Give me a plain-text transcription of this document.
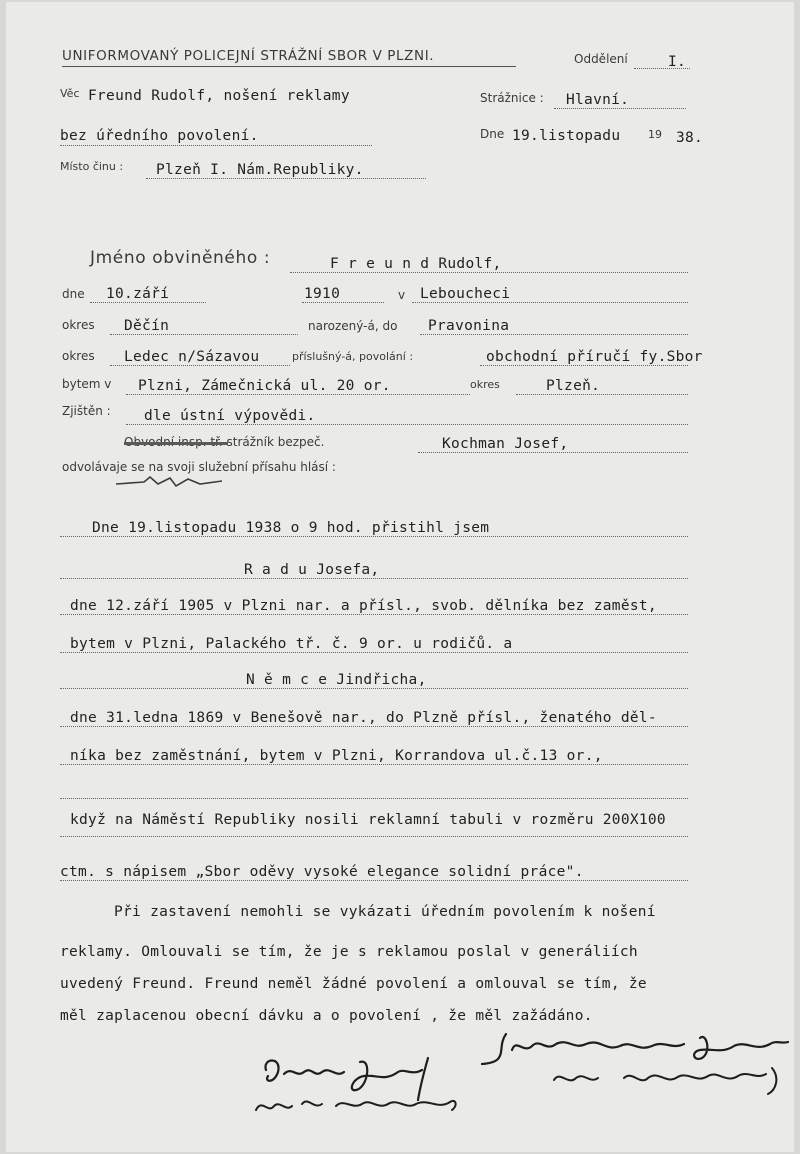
UNIFORMOVANÝ POLICEJNÍ STRÁŽNÍ SBOR V PLZNI.	Oddělení	I.
Věc Freund Rudolf, nošení reklamy
bez úředního povolení.
Strážnice : Hlavní.
Dne 19.listopadu	19 38.
Místo činu : Plzeň I. Nám.Republiky.
Jméno obviněného :	F r e u n d Rudolf,
dne 10.září	1910	v Leboucheci
okres Děčín	narozený-á, do Pravonina
okres Ledec n/Sázavou	příslušný-á, povolání :	obchodní příručí fy.Sbor
bytem v Plzni, Zámečnická ul. 20 or.	okres	Plzeň.
Zjištěn : dle ústní výpovědi.
Obvodní insp. tř. strážník bezpeč.	Kochman Josef,
odvolávaje se na svoji služební přísahu hlásí :
Dne 19.listopadu 1938 o 9 hod. přistihl jsem
R a d u Josefa,
dne 12.září 1905 v Plzni nar. a přísl., svob. dělníka bez zaměst,
bytem v Plzni, Palackého tř. č. 9 or. u rodičů. a
N ě m c e Jindřicha,
dne 31.ledna 1869 v Benešově nar., do Plzně přísl., ženatého děl-
níka bez zaměstnání, bytem v Plzni, Korrandova ul.č.13 or.,
když na Náměstí Republiky nosili reklamní tabuli v rozměru 200X100
ctm. s nápisem „Sbor oděvy vysoké elegance solidní práce".
Při zastavení nemohli se vykázati úředním povolením k nošení
reklamy. Omlouvali se tím, že je s reklamou poslal v generáliích
uvedený Freund. Freund neměl žádné povolení a omlouval se tím, že
měl zaplacenou obecní dávku a o povolení , že měl zažádáno.
